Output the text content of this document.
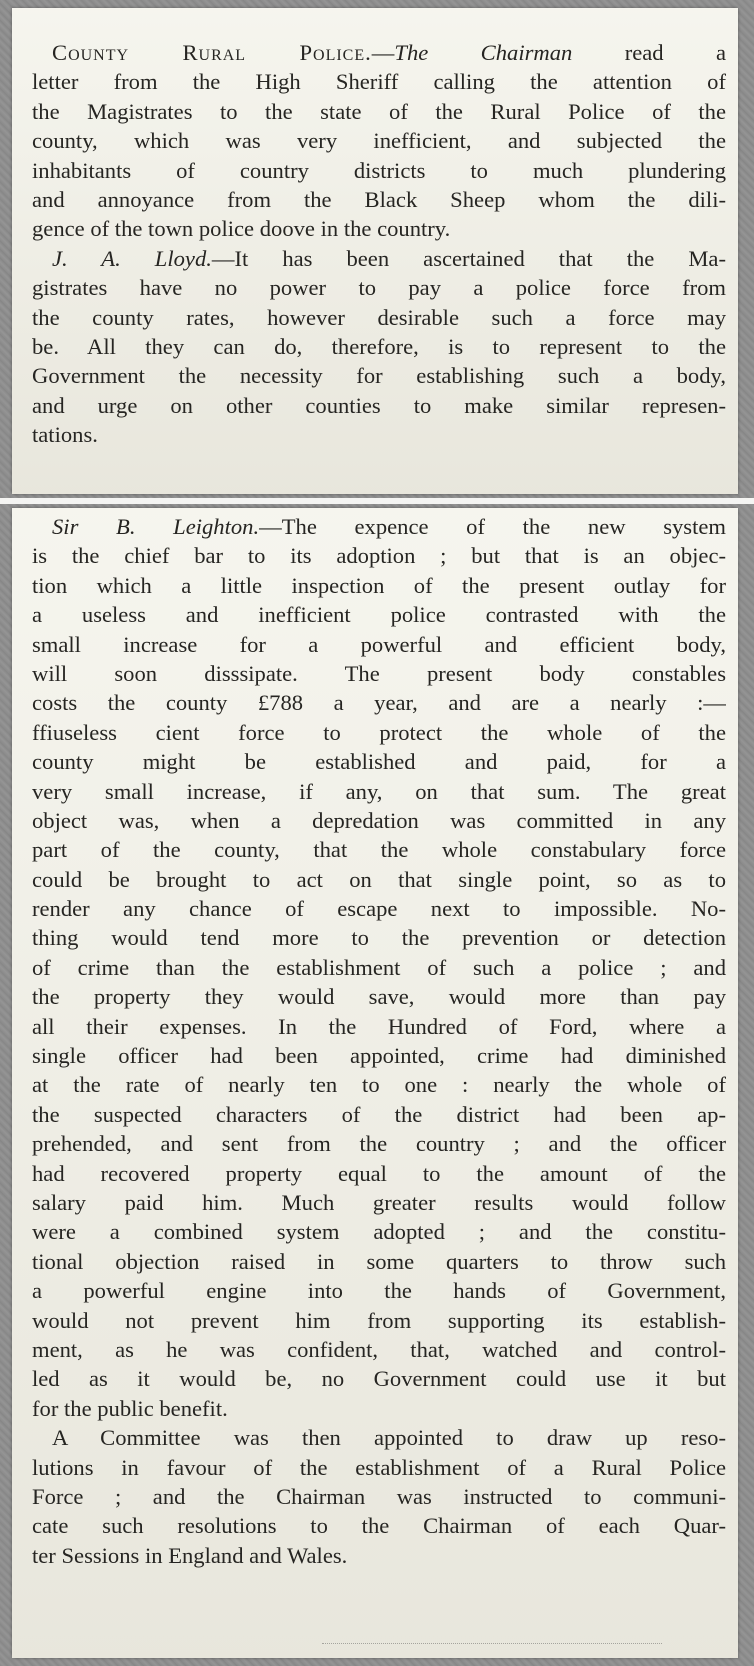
County Rural Police.—The Chairman read a
letter from the High Sheriff calling the attention of
the Magistrates to the state of the Rural Police of the
county, which was very inefficient, and subjected the
inhabitants of country districts to much plundering
and annoyance from the Black Sheep whom the dili-
gence of the town police doove in the country.
J. A. Lloyd.—It has been ascertained that the Ma-
gistrates have no power to pay a police force from
the county rates, however desirable such a force may
be. All they can do, therefore, is to represent to the
Government the necessity for establishing such a body,
and urge on other counties to make similar represen-
tations.
Sir B. Leighton.—The expence of the new system
is the chief bar to its adoption ; but that is an objec-
tion which a little inspection of the present outlay for
a useless and inefficient police contrasted with the
small increase for a powerful and efficient body,
will soon disssipate. The present body constables
costs the county £788 a year, and are a nearly :—
ffiuseless cient force to protect the whole of the
county might be established and paid, for a
very small increase, if any, on that sum. The great
object was, when a depredation was committed in any
part of the county, that the whole constabulary force
could be brought to act on that single point, so as to
render any chance of escape next to impossible. No-
thing would tend more to the prevention or detection
of crime than the establishment of such a police ; and
the property they would save, would more than pay
all their expenses. In the Hundred of Ford, where a
single officer had been appointed, crime had diminished
at the rate of nearly ten to one : nearly the whole of
the suspected characters of the district had been ap-
prehended, and sent from the country ; and the officer
had recovered property equal to the amount of the
salary paid him. Much greater results would follow
were a combined system adopted ; and the constitu-
tional objection raised in some quarters to throw such
a powerful engine into the hands of Government,
would not prevent him from supporting its establish-
ment, as he was confident, that, watched and control-
led as it would be, no Government could use it but
for the public benefit.
A Committee was then appointed to draw up reso-
lutions in favour of the establishment of a Rural Police
Force ; and the Chairman was instructed to communi-
cate such resolutions to the Chairman of each Quar-
ter Sessions in England and Wales.
